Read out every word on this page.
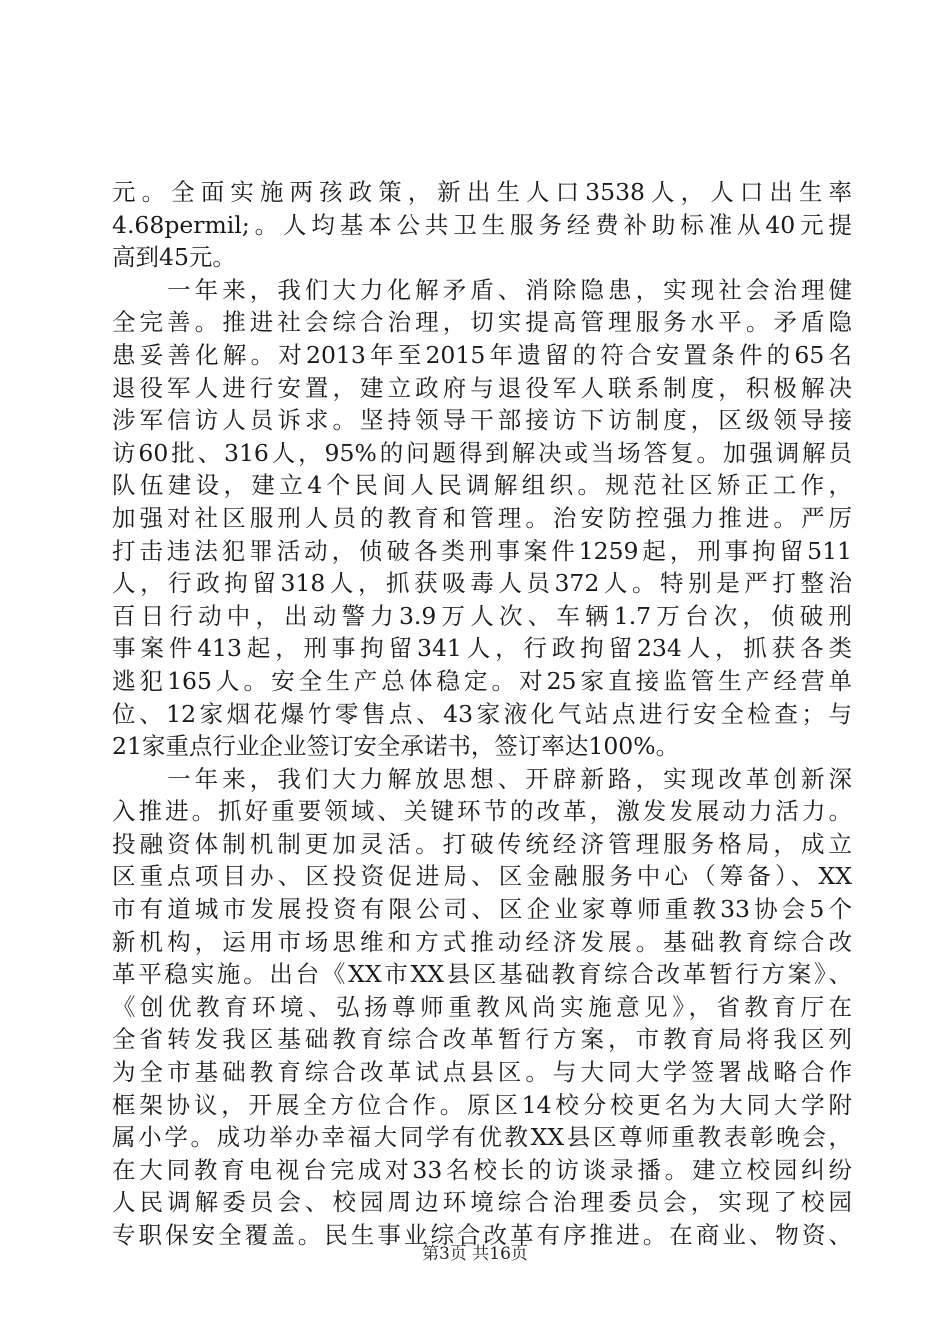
元。全面实施两孩政策，新出生人口3538人，人口出生率
4.68permil;。人均基本公共卫生服务经费补助标准从40元提
高到45元。
　　一年来，我们大力化解矛盾、消除隐患，实现社会治理健
全完善。推进社会综合治理，切实提高管理服务水平。矛盾隐
患妥善化解。对2013年至2015年遗留的符合安置条件的65名
退役军人进行安置，建立政府与退役军人联系制度，积极解决
涉军信访人员诉求。坚持领导干部接访下访制度，区级领导接
访60批、316人，95%的问题得到解决或当场答复。加强调解员
队伍建设，建立4个民间人民调解组织。规范社区矫正工作，
加强对社区服刑人员的教育和管理。治安防控强力推进。严厉
打击违法犯罪活动，侦破各类刑事案件1259起，刑事拘留511
人，行政拘留318人，抓获吸毒人员372人。特别是严打整治
百日行动中，出动警力3.9万人次、车辆1.7万台次，侦破刑
事案件413起，刑事拘留341人，行政拘留234人，抓获各类
逃犯165人。安全生产总体稳定。对25家直接监管生产经营单
位、12家烟花爆竹零售点、43家液化气站点进行安全检查；与
21家重点行业企业签订安全承诺书，签订率达100%。
　　一年来，我们大力解放思想、开辟新路，实现改革创新深
入推进。抓好重要领域、关键环节的改革，激发发展动力活力。
投融资体制机制更加灵活。打破传统经济管理服务格局，成立
区重点项目办、区投资促进局、区金融服务中心（筹备）、XX
市有道城市发展投资有限公司、区企业家尊师重教33协会5个
新机构，运用市场思维和方式推动经济发展。基础教育综合改
革平稳实施。出台《XX市XX县区基础教育综合改革暂行方案》、
《创优教育环境、弘扬尊师重教风尚实施意见》，省教育厅在
全省转发我区基础教育综合改革暂行方案，市教育局将我区列
为全市基础教育综合改革试点县区。与大同大学签署战略合作
框架协议，开展全方位合作。原区14校分校更名为大同大学附
属小学。成功举办幸福大同学有优教XX县区尊师重教表彰晚会，
在大同教育电视台完成对33名校长的访谈录播。建立校园纠纷
人民调解委员会、校园周边环境综合治理委员会，实现了校园
专职保安全覆盖。民生事业综合改革有序推进。在商业、物资、
第3页 共16页
